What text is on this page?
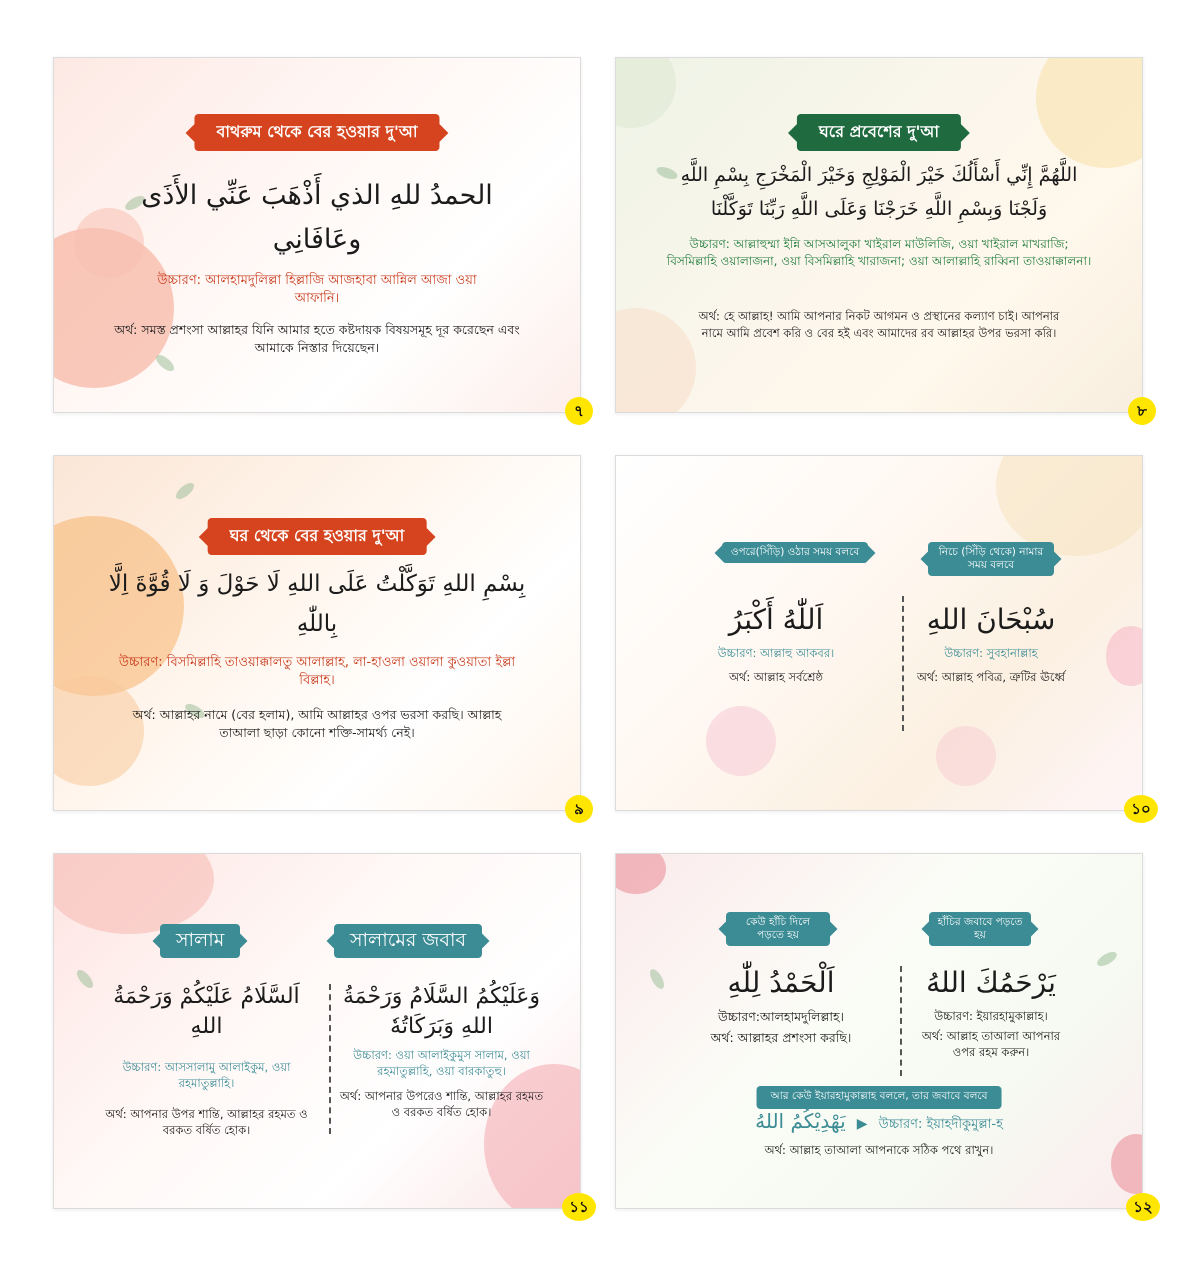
বাথরুম থেকে বের হওয়ার দু'আ
الحمدُ للهِ الذي أَذْهَبَ عَنِّي الأَذَى
وعَافَانِي
উচ্চারণ: আলহামদুলিল্লা হিল্লাজি আজহাবা আন্নিল আজা ওয়া আফানি।
অর্থ: সমস্ত প্রশংসা আল্লাহর যিনি আমার হতে কষ্টদায়ক বিষয়সমূহ দূর করেছেন এবং আমাকে নিস্তার দিয়েছেন।
৭
ঘরে প্রবেশের দু'আ
اللَّهُمَّ إِنِّي أَسْأَلُكَ خَيْرَ الْمَوْلِجِ وَخَيْرَ الْمَخْرَجِ بِسْمِ اللَّهِ
وَلَجْنَا وَبِسْمِ اللَّهِ خَرَجْنَا وَعَلَى اللَّهِ رَبِّنَا تَوَكَّلْنَا
উচ্চারণ: আল্লাহুম্মা ইন্নি আসআলুকা খাইরাল মাউলিজি, ওয়া খাইরাল মাখরাজি; বিসমিল্লাহি ওয়ালাজনা, ওয়া বিসমিল্লাহি খারাজনা; ওয়া আলাল্লাহি রাব্বিনা তাওয়াক্কালনা।
অর্থ: হে আল্লাহ! আমি আপনার নিকট আগমন ও প্রস্থানের কল্যাণ চাই। আপনার নামে আমি প্রবেশ করি ও বের হই এবং আমাদের রব আল্লাহর উপর ভরসা করি।
৮
ঘর থেকে বের হওয়ার দু'আ
بِسْمِ اللهِ تَوَكَّلْتُ عَلَى اللهِ لَا حَوْلَ وَ لَا قُوَّةَ اِلَّا
بِاللّٰهِ
উচ্চারণ: বিসমিল্লাহি তাওয়াক্কালতু আলাল্লাহ, লা-হাওলা ওয়ালা কুওয়াতা ইল্লা বিল্লাহ।
অর্থ: আল্লাহর নামে (বের হলাম), আমি আল্লাহর ওপর ভরসা করছি। আল্লাহ তাআলা ছাড়া কোনো শক্তি-সামর্থ্য নেই।
৯
ওপরে(সিঁড়ি) ওঠার সময় বলবে	নিচে (সিঁড়ি থেকে) নামার সময় বলবে
اَللّٰهُ أَكْبَرُ
উচ্চারণ: আল্লাহু আকবর।
অর্থ: আল্লাহ সর্বশ্রেষ্ঠ
سُبْحَانَ اللهِ
উচ্চারণ: সুবহানাল্লাহ
অর্থ: আল্লাহ পবিত্র, ত্রুটির ঊর্ধ্বে
১০
সালাম	সালামের জবাব
اَلسَّلَامُ عَلَيْكُمْ وَرَحْمَةُ اللهِ
উচ্চারণ: আসসালামু আলাইকুম, ওয়া রহমাতুল্লাহি।
অর্থ: আপনার উপর শান্তি, আল্লাহর রহমত ও বরকত বর্ষিত হোক।
وَعَلَيْكُمُ السَّلَامُ وَرَحْمَةُ اللهِ وَبَرَكَاتُهٗ
উচ্চারণ: ওয়া আলাইকুমুস সালাম, ওয়া রহমাতুল্লাহি, ওয়া বারকাতুহু।
অর্থ: আপনার উপরেও শান্তি, আল্লাহর রহমত ও বরকত বর্ষিত হোক।
১১
কেউ হাঁচি দিলে পড়তে হয়
হাঁচির জবাবে পড়তে হয়
اَلْحَمْدُ لِلّٰهِ
উচ্চারণ:আলহামদুলিল্লাহ।
অর্থ: আল্লাহর প্রশংসা করছি।
يَرْحَمُكَ اللهُ
উচ্চারণ: ইয়ারহামুকাল্লাহ।
অর্থ: আল্লাহ তাআলা আপনার ওপর রহম করুন।
আর কেউ ইয়ারহামুকাল্লাহ বললে, তার জবাবে বলবে
يَهْدِيْكُمُ اللهُ ▶ উচ্চারণ: ইয়াহদীকুমুল্লা-হ
অর্থ: আল্লাহ তাআলা আপনাকে সঠিক পথে রাখুন।
১২
